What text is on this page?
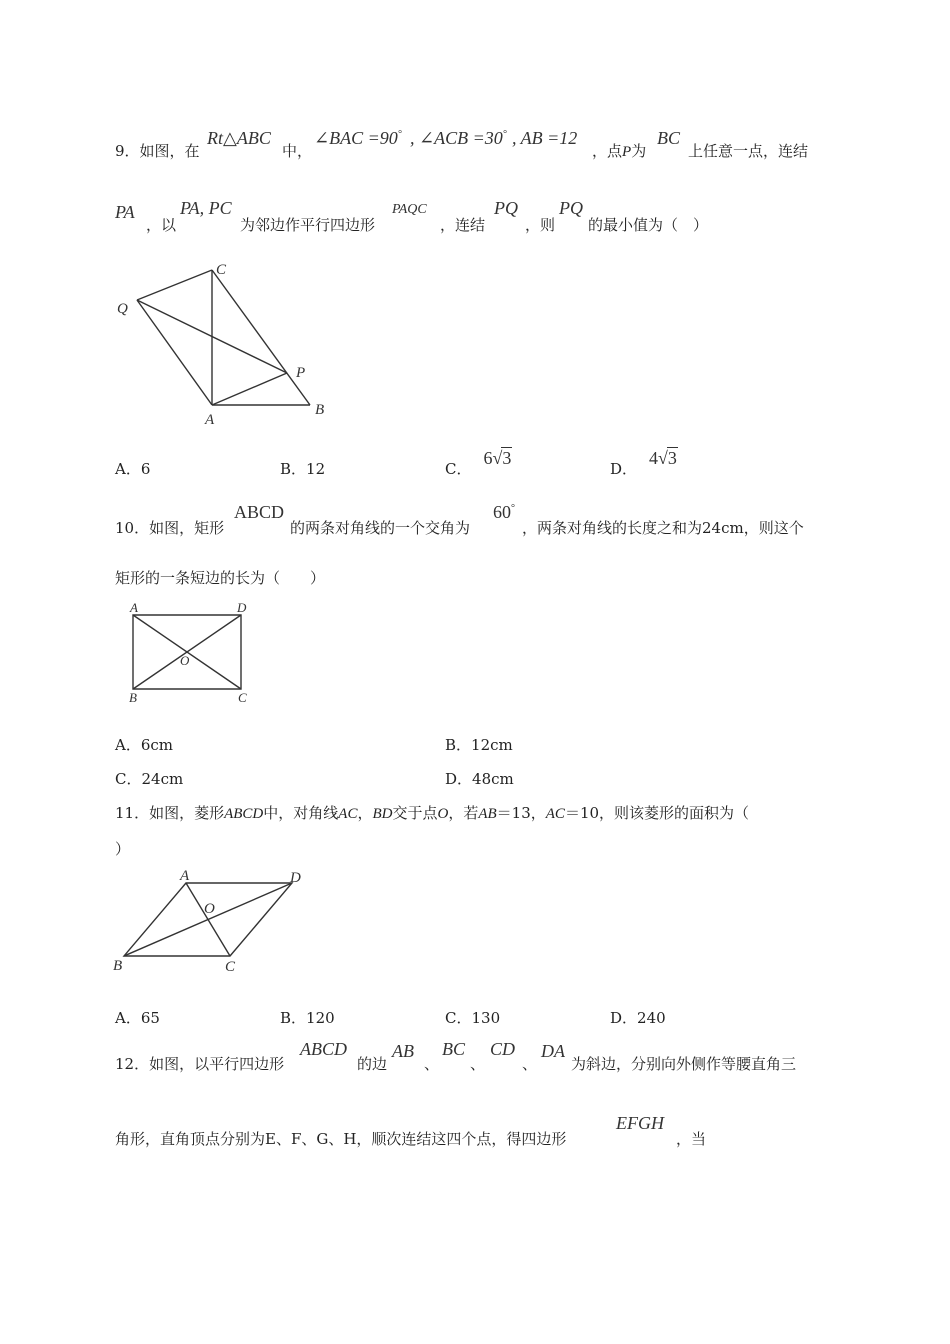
9．如图，在
Rt△ABC
中，
∠BAC =90° , ∠ACB =30° , AB =12
，点P为
BC
上任意一点，连结
PA
，以
PA, PC
为邻边作平行四边形
PAQC
，连结
PQ
，则
PQ
的最小值为（　）
C
Q
P
A
B
A．6	B．12	C．6√3
D．4√3
10．如图，矩形
ABCD
的两条对角线的一个交角为
60°
，两条对角线的长度之和为24cm，则这个
矩形的一条短边的长为（　　）
A	D
O
B	C
A．6cm	B．12cm
C．24cm	D．48cm
11．如图，菱形ABCD中，对角线AC，BD交于点O，若AB＝13，AC＝10，则该菱形的面积为（
）
A	D
O
B	C
A．65	B．120	C．130	D．240
12．如图，以平行四边形
ABCD
的边
AB
、
BC
、
CD
、
DA
为斜边，分别向外侧作等腰直角三
角形，直角顶点分别为E、F、G、H，顺次连结这四个点，得四边形
EFGH
，当
